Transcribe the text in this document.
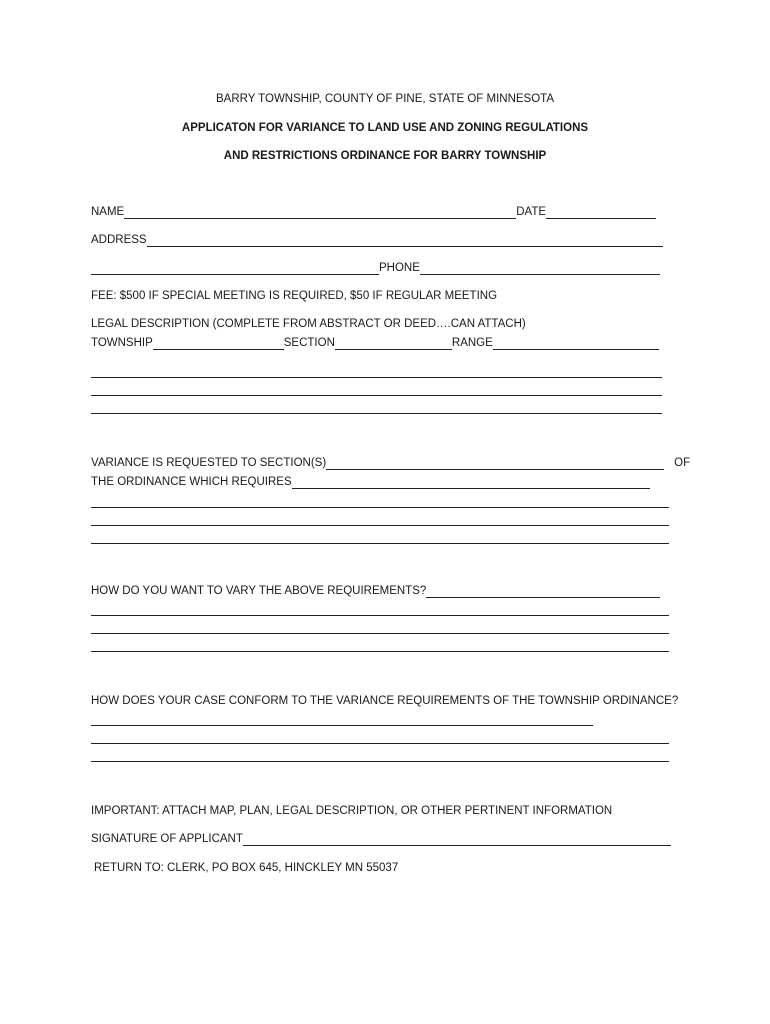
BARRY TOWNSHIP, COUNTY OF PINE, STATE OF MINNESOTA
APPLICATON FOR VARIANCE TO LAND USE AND ZONING REGULATIONS
AND RESTRICTIONS ORDINANCE FOR BARRY TOWNSHIP
NAME	DATE
ADDRESS
PHONE
FEE: $500 IF SPECIAL MEETING IS REQUIRED, $50 IF REGULAR MEETING
LEGAL DESCRIPTION (COMPLETE FROM ABSTRACT OR DEED….CAN ATTACH)
TOWNSHIP	SECTION	RANGE
VARIANCE IS REQUESTED TO SECTION(S)	OF
THE ORDINANCE WHICH REQUIRES
HOW DO YOU WANT TO VARY THE ABOVE REQUIREMENTS?
HOW DOES YOUR CASE CONFORM TO THE VARIANCE REQUIREMENTS OF THE TOWNSHIP ORDINANCE?
IMPORTANT: ATTACH MAP, PLAN, LEGAL DESCRIPTION, OR OTHER PERTINENT INFORMATION
SIGNATURE OF APPLICANT
RETURN TO: CLERK, PO BOX 645, HINCKLEY MN 55037
